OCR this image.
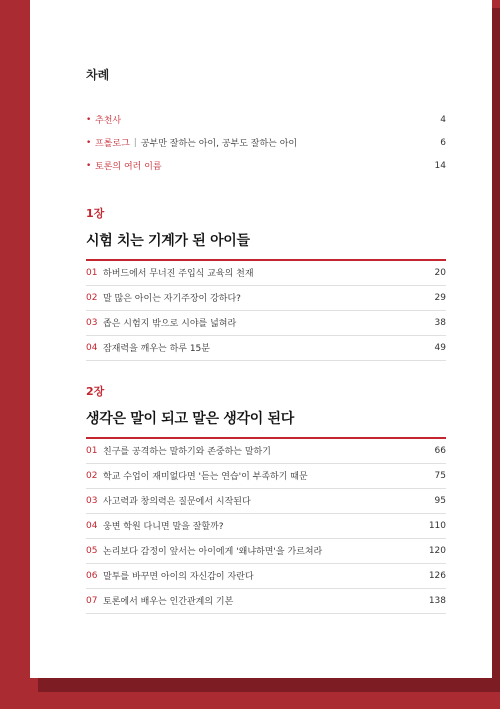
차례
• 추천사	4
• 프롤로그 | 공부만 잘하는 아이, 공부도 잘하는 아이	6
• 토론의 여러 이름	14
1장
시험 치는 기계가 된 아이들
01 하버드에서 무너진 주입식 교육의 천재	20
02 말 많은 아이는 자기주장이 강하다?	29
03 좁은 시험지 밖으로 시야를 넓혀라	38
04 잠재력을 깨우는 하루 15분	49
2장
생각은 말이 되고 말은 생각이 된다
01 친구를 공격하는 말하기와 존중하는 말하기	66
02 학교 수업이 재미없다면 '듣는 연습'이 부족하기 때문	75
03 사고력과 창의력은 질문에서 시작된다	95
04 웅변 학원 다니면 말을 잘할까?	110
05 논리보다 감정이 앞서는 아이에게 '왜냐하면'을 가르쳐라	120
06 말투를 바꾸면 아이의 자신감이 자란다	126
07 토론에서 배우는 인간관계의 기본	138
